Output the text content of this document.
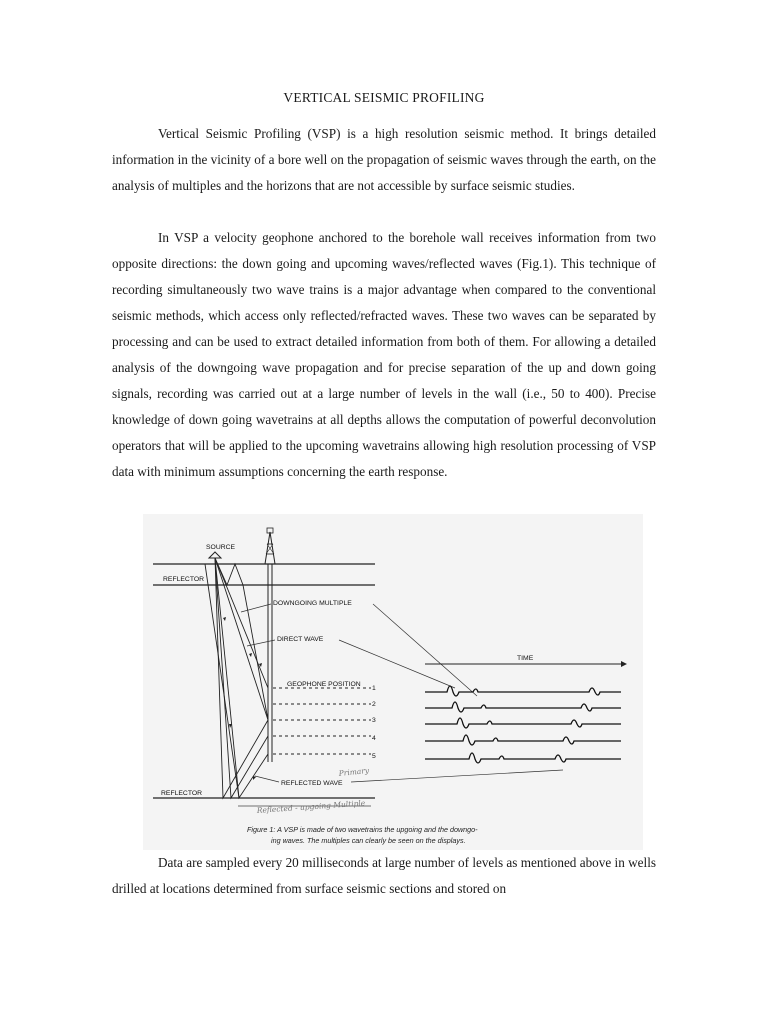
VERTICAL SEISMIC PROFILING

Vertical Seismic Profiling (VSP) is a high resolution seismic method. It brings detailed information in the vicinity of a bore well on the propagation of seismic waves through the earth, on the analysis of multiples and the horizons that are not accessible by surface seismic studies.

In VSP a velocity geophone anchored to the borehole wall receives information from two opposite directions: the down going and upcoming waves/reflected waves (Fig.1). This technique of recording simultaneously two wave trains is a major advantage when compared to the conventional seismic methods, which access only reflected/refracted waves. These two waves can be separated by processing and can be used to extract detailed information from both of them. For allowing a detailed analysis of the downgoing wave propagation and for precise separation of the up and down going signals, recording was carried out at a large number of levels in the wall (i.e., 50 to 400). Precise knowledge of down going wavetrains at all depths allows the computation of powerful deconvolution operators that will be applied to the upcoming wavetrains allowing high resolution processing of VSP data with minimum assumptions concerning the earth response.

SOURCE
REFLECTOR
REFLECTOR
GEOPHONE POSITION
1
2
3
4
5
DOWNGOING MULTIPLE
DIRECT WAVE
REFLECTED WAVE
TIME
Primary
Reflected - upgoing Multiple
Figure 1: A VSP is made of two wavetrains the upgoing and the downgo-
ing waves. The multiples can clearly be seen on the displays.

Data are sampled every 20 milliseconds at large number of levels as mentioned above in wells drilled at locations determined from surface seismic sections and stored on
